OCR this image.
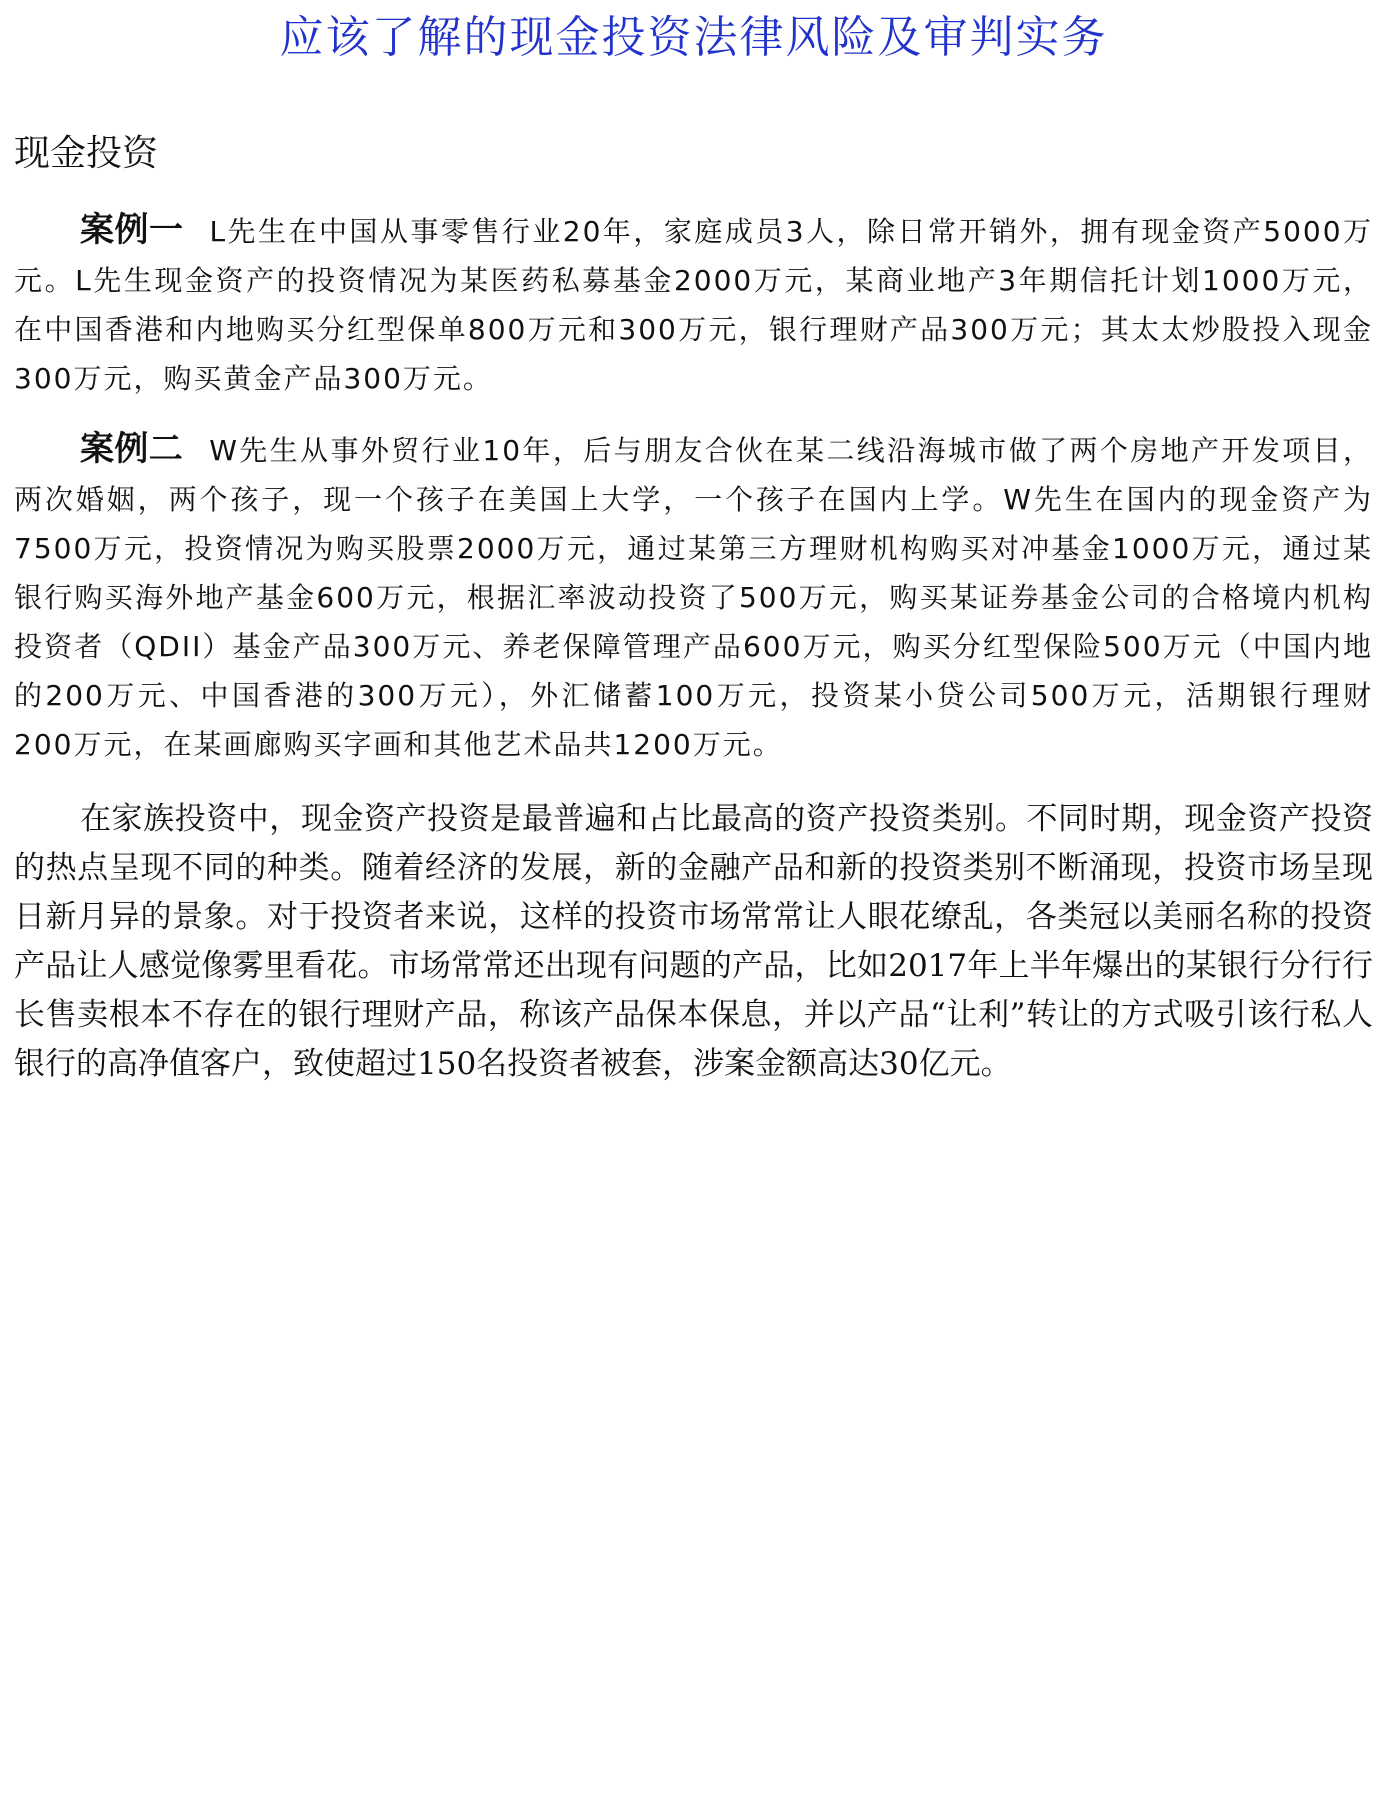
应该了解的现金投资法律风险及审判实务
现金投资

案例一 L先生在中国从事零售行业20年，家庭成员3人，除日常开销外，拥有现金资产5000万元。L先生现金资产的投资情况为某医药私募基金2000万元，某商业地产3年期信托计划1000万元，在中国香港和内地购买分红型保单800万元和300万元，银行理财产品300万元；其太太炒股投入现金300万元，购买黄金产品300万元。

案例二 W先生从事外贸行业10年，后与朋友合伙在某二线沿海城市做了两个房地产开发项目，两次婚姻，两个孩子，现一个孩子在美国上大学，一个孩子在国内上学。W先生在国内的现金资产为7500万元，投资情况为购买股票2000万元，通过某第三方理财机构购买对冲基金1000万元，通过某银行购买海外地产基金600万元，根据汇率波动投资了500万元，购买某证券基金公司的合格境内机构投资者（QDII）基金产品300万元、养老保障管理产品600万元，购买分红型保险500万元（中国内地的200万元、中国香港的300万元），外汇储蓄100万元，投资某小贷公司500万元，活期银行理财200万元，在某画廊购买字画和其他艺术品共1200万元。

在家族投资中，现金资产投资是最普遍和占比最高的资产投资类别。不同时期，现金资产投资的热点呈现不同的种类。随着经济的发展，新的金融产品和新的投资类别不断涌现，投资市场呈现日新月异的景象。对于投资者来说，这样的投资市场常常让人眼花缭乱，各类冠以美丽名称的投资产品让人感觉像雾里看花。市场常常还出现有问题的产品，比如2017年上半年爆出的某银行分行行长售卖根本不存在的银行理财产品，称该产品保本保息，并以产品“让利”转让的方式吸引该行私人银行的高净值客户，致使超过150名投资者被套，涉案金额高达30亿元。
